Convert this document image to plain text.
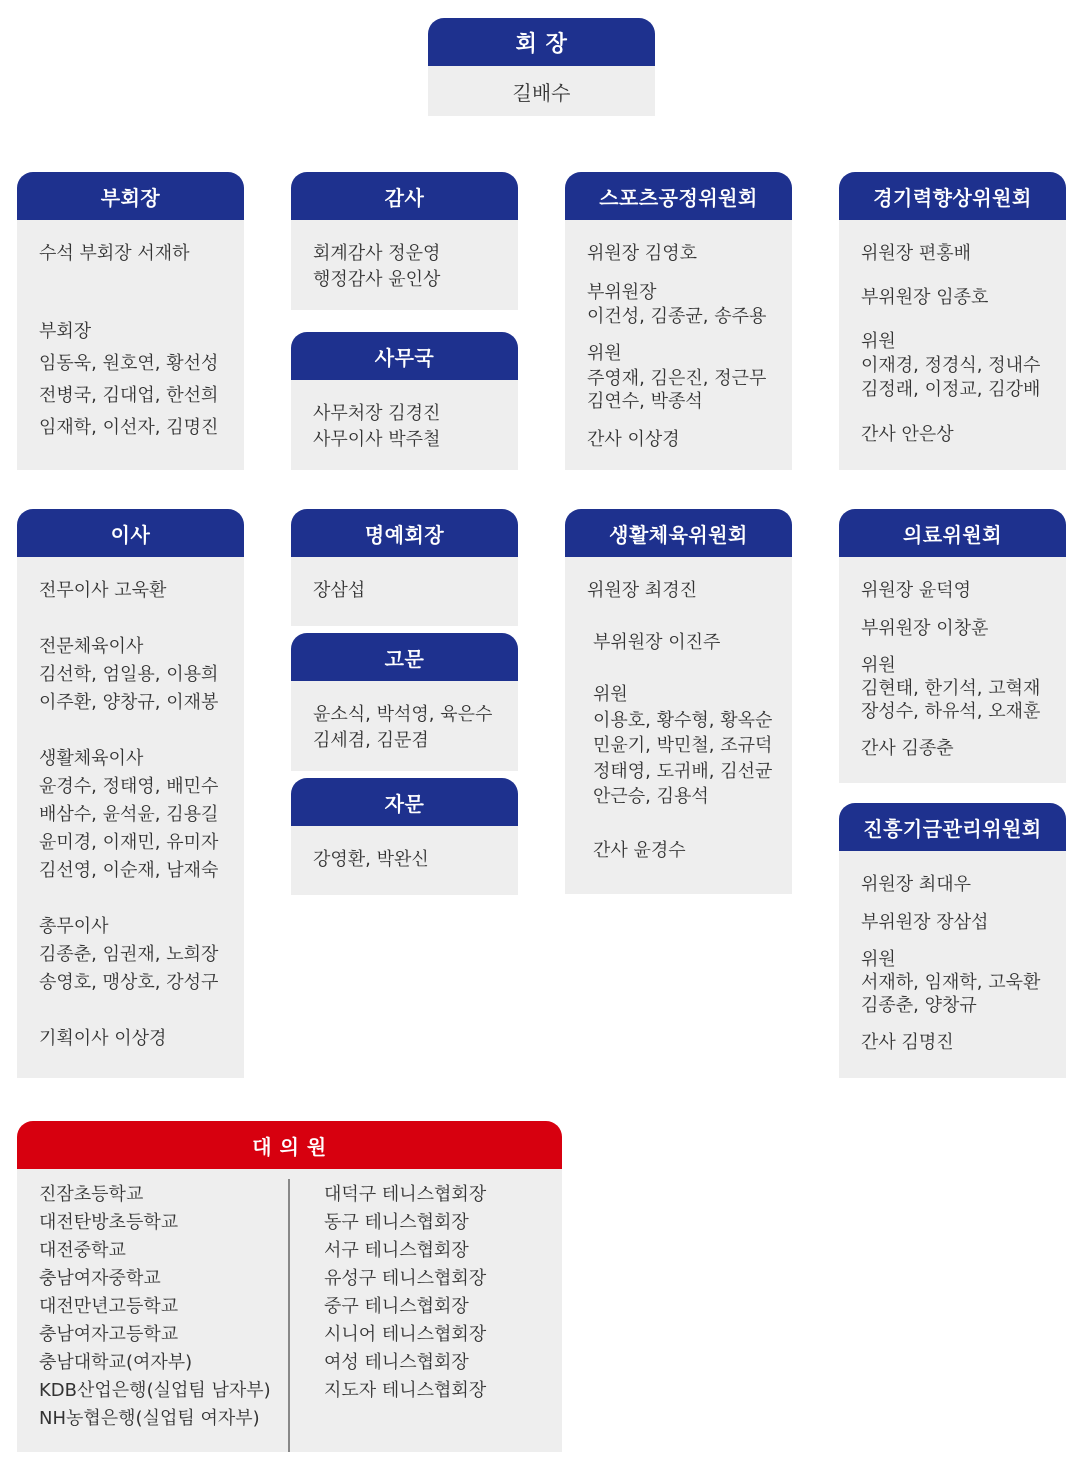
회 장
길배수
부회장
수석 부회장 서재하
부회장
임동욱, 원호연, 황선성
전병국, 김대업, 한선희
임재학, 이선자, 김명진
감사
회계감사 정운영
행정감사 윤인상
사무국
사무처장 김경진
사무이사 박주철
스포츠공정위원회
위원장 김영호
부위원장
이건성, 김종균, 송주용
위원
주영재, 김은진, 정근무
김연수, 박종석
간사 이상경
경기력향상위원회
위원장 편홍배
부위원장 임종호
위원
이재경, 정경식, 정내수
김정래, 이정교, 김강배
간사 안은상
이사
전무이사 고욱환
전문체육이사
김선학, 엄일용, 이용희
이주환, 양창규, 이재봉
생활체육이사
윤경수, 정태영, 배민수
배삼수, 윤석윤, 김용길
윤미경, 이재민, 유미자
김선영, 이순재, 남재숙
총무이사
김종춘, 임권재, 노희장
송영호, 맹상호, 강성구
기획이사 이상경
명예회장
장삼섭
고문
윤소식, 박석영, 육은수
김세겸, 김문겸
자문
강영환, 박완신
생활체육위원회
위원장 최경진
부위원장 이진주
위원
이용호, 황수형, 황옥순
민윤기, 박민철, 조규덕
정태영, 도귀배, 김선균
안근승, 김용석
간사 윤경수
의료위원회
위원장 윤덕영
부위원장 이창훈
위원
김현태, 한기석, 고혁재
장성수, 하유석, 오재훈
간사 김종춘
진흥기금관리위원회
위원장 최대우
부위원장 장삼섭
위원
서재하, 임재학, 고욱환
김종춘, 양창규
간사 김명진
대 의 원
진잠초등학교
대전탄방초등학교
대전중학교
충남여자중학교
대전만년고등학교
충남여자고등학교
충남대학교(여자부)
KDB산업은행(실업팀 남자부)
NH농협은행(실업팀 여자부)
대덕구 테니스협회장
동구 테니스협회장
서구 테니스협회장
유성구 테니스협회장
중구 테니스협회장
시니어 테니스협회장
여성 테니스협회장
지도자 테니스협회장
